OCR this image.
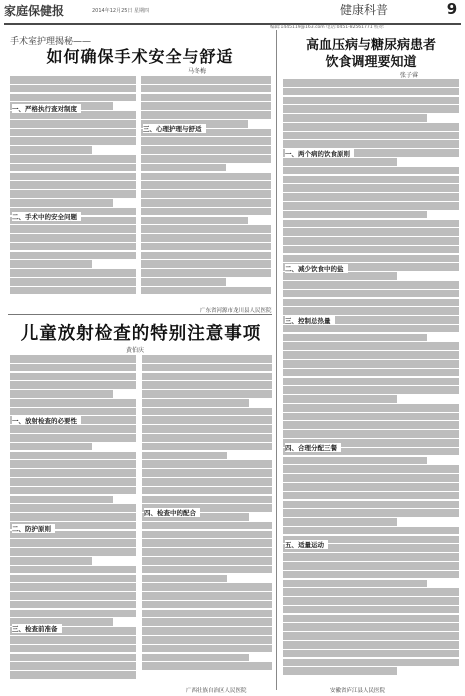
家庭保健报	2014年12月25日 星期四	健康科普	9
编辑:1445119@163.com 电话:0451-82561771 校对:
手术室护理揭秘——
如何确保手术安全与舒适
马冬梅
一、严格执行查对制度
二、手术中的安全问题
三、心理护理与舒适
广东省河源市龙川县人民医院
高血压病与糖尿病患者
饮食调理要知道
张子睿
一、两个病的饮食原则
二、减少饮食中的盐
三、控制总热量
四、合理分配三餐
五、适量运动
安徽省庐江县人民医院
儿童放射检查的特别注意事项
黄伯庆
一、放射检查的必要性
二、防护原则
三、检查前准备
四、检查中的配合
广西壮族自治区人民医院
